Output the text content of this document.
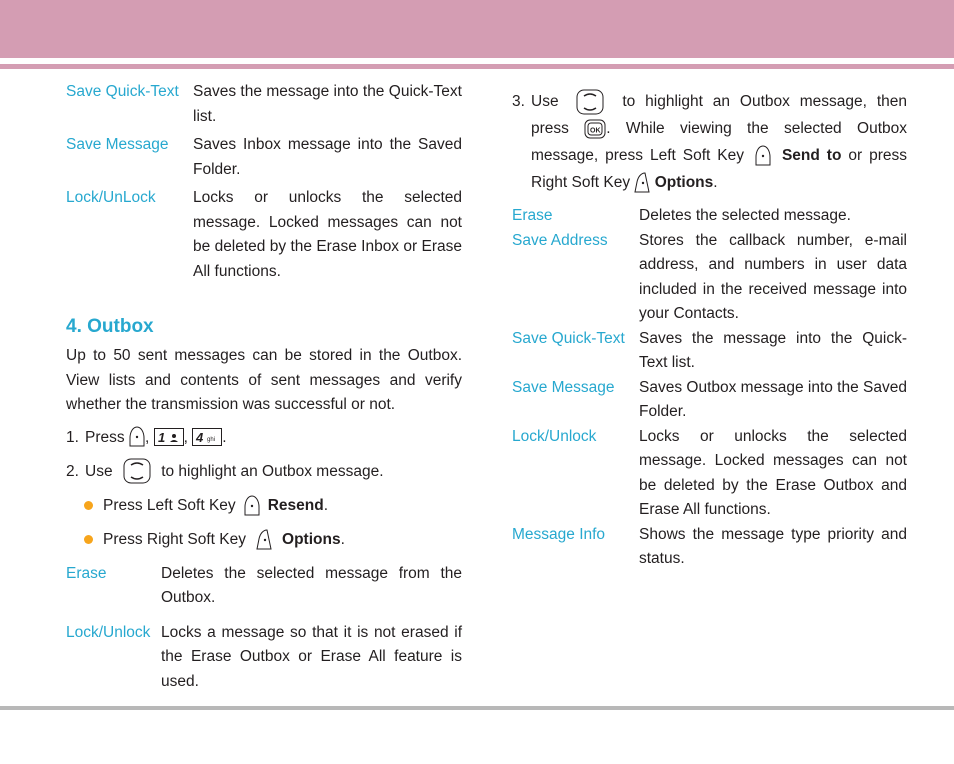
Save Quick-Text Saves the message into the Quick-Text list.
Save Message	Saves Inbox message into the Saved Folder.
Lock/UnLock	Locks or unlocks the selected message. Locked messages can not be deleted by the Erase Inbox or Erase All functions.
4. Outbox

Up to 50 sent messages can be stored in the Outbox. View lists and contents of sent messages and verify whether the transmission was successful or not.

1. Press , 1 , 4 ghi .
2. Use	to highlight an Outbox message.
Press Left Soft Key Resend .
Press Right Soft Key Options .
Erase	Deletes the selected message from the Outbox.
Lock/Unlock Locks a message so that it is not erased if the Erase Outbox or Erase All feature is used.
3. Use	to highlight an Outbox message, then press	OK . While viewing the selected Outbox message, press Left Soft Key Send to or press Right Soft Key Options.
Erase	Deletes the selected message.
Save Address	Stores the callback number, e-mail address, and numbers in user data included in the received message into your Contacts.
Save Quick-Text Saves the message into the Quick-Text list.
Save Message	Saves Outbox message into the Saved Folder.
Lock/Unlock	Locks or unlocks the selected message. Locked messages can not be deleted by the Erase Outbox and Erase All functions.
Message Info	Shows the message type priority and status.
